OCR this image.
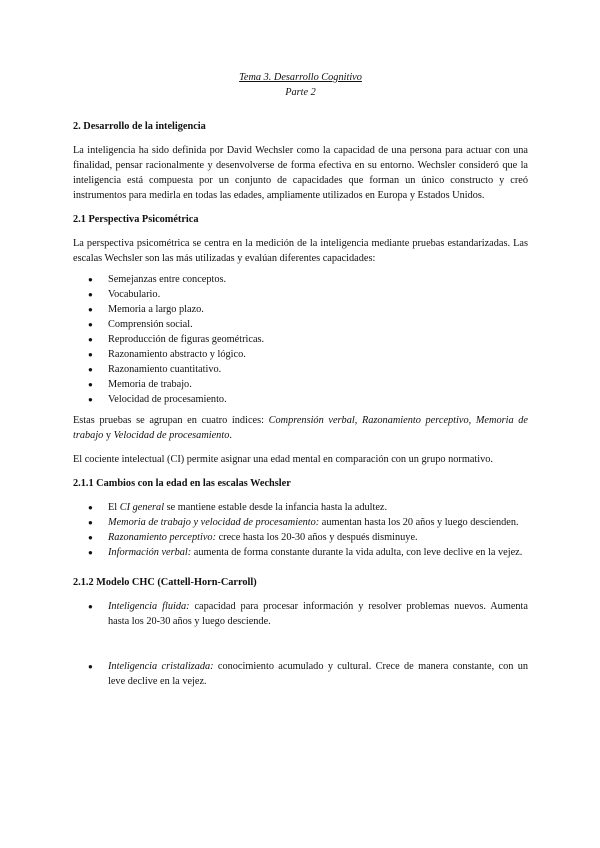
Tema 3. Desarrollo Cognitivo

Parte 2

2. Desarrollo de la inteligencia

La inteligencia ha sido definida por David Wechsler como la capacidad de una persona para actuar con una finalidad, pensar racionalmente y desenvolverse de forma efectiva en su entorno. Wechsler consideró que la inteligencia está compuesta por un conjunto de capacidades que forman un único constructo y creó instrumentos para medirla en todas las edades, ampliamente utilizados en Europa y Estados Unidos.

2.1 Perspectiva Psicométrica

La perspectiva psicométrica se centra en la medición de la inteligencia mediante pruebas estandarizadas. Las escalas Wechsler son las más utilizadas y evalúan diferentes capacidades:

● Semejanzas entre conceptos.
● Vocabulario.
● Memoria a largo plazo.
● Comprensión social.
● Reproducción de figuras geométricas.
● Razonamiento abstracto y lógico.
● Razonamiento cuantitativo.
● Memoria de trabajo.
● Velocidad de procesamiento.

Estas pruebas se agrupan en cuatro índices: Comprensión verbal, Razonamiento perceptivo, Memoria de trabajo y Velocidad de procesamiento.

El cociente intelectual (CI) permite asignar una edad mental en comparación con un grupo normativo.

2.1.1 Cambios con la edad en las escalas Wechsler
● El CI general se mantiene estable desde la infancia hasta la adultez.
● Memoria de trabajo y velocidad de procesamiento: aumentan hasta los 20 años y luego descienden.
● Razonamiento perceptivo: crece hasta los 20-30 años y después disminuye.
● Información verbal: aumenta de forma constante durante la vida adulta, con leve declive en la vejez.
2.1.2 Modelo CHC (Cattell-Horn-Carroll)
● Inteligencia fluida: capacidad para procesar información y resolver problemas nuevos. Aumenta hasta los 20-30 años y luego desciende.
● Inteligencia cristalizada: conocimiento acumulado y cultural. Crece de manera constante, con un leve declive en la vejez.
